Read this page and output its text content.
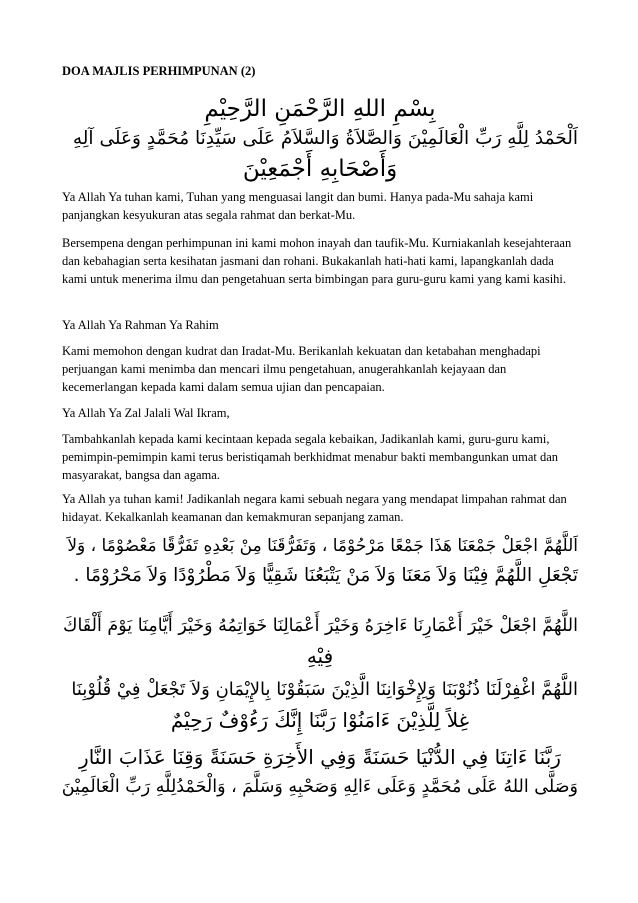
DOA MAJLIS PERHIMPUNAN (2)

بِسْمِ اللهِ الرَّحْمَنِ الرَّحِيْمِ

اَلْحَمْدُ لِلَّهِ رَبِّ الْعَالَمِيْنَ وَالصَّلاَةُ وَالسَّلاَمُ عَلَى سَيِّدِنَا مُحَمَّدٍ وَعَلَى آلِهِ

وَأَصْحَابِهِ أَجْمَعِيْنَ

Ya Allah Ya tuhan kami, Tuhan yang menguasai langit dan bumi. Hanya pada-Mu sahaja kami panjangkan kesyukuran atas segala rahmat dan berkat-Mu.

Bersempena dengan perhimpunan ini kami mohon inayah dan taufik-Mu. Kurniakanlah kesejahteraan dan kebahagian serta kesihatan jasmani dan rohani. Bukakanlah hati-hati kami, lapangkanlah dada kami untuk menerima ilmu dan pengetahuan serta bimbingan para guru-guru kami yang kami kasihi.

Ya Allah Ya Rahman Ya Rahim

Kami memohon dengan kudrat dan Iradat-Mu. Berikanlah kekuatan dan ketabahan menghadapi perjuangan kami menimba dan mencari ilmu pengetahuan, anugerahkanlah kejayaan dan kecemerlangan kepada kami dalam semua ujian dan pencapaian.

Ya Allah Ya Zal Jalali Wal Ikram,

Tambahkanlah kepada kami kecintaan kepada segala kebaikan, Jadikanlah kami, guru-guru kami, pemimpin-pemimpin kami terus beristiqamah berkhidmat menabur bakti membangunkan umat dan masyarakat, bangsa dan agama.

Ya Allah ya tuhan kami! Jadikanlah negara kami sebuah negara yang mendapat limpahan rahmat dan hidayat. Kekalkanlah keamanan dan kemakmuran sepanjang zaman.

اَللَّهُمَّ اجْعَلْ جَمْعَنَا هَذَا جَمْعًا مَرْحُوْمًا ، وَتَفَرُّقَنَا مِنْ بَعْدِهِ تَفَرُّقًا مَعْصُوْمًا ، وَلاَ

تَجْعَلِ اللَّهُمَّ فِيْنَا وَلاَ مَعَنَا وَلاَ مَنْ يَتْبَعُنَا شَقِيًّا وَلاَ مَطْرُوْدًا وَلاَ مَحْرُوْمًا .

اللَّهُمَّ اجْعَلْ خَيْرَ أَعْمَارِنَا ءَاخِرَهُ وَخَيْرَ أَعْمَالِنَا خَوَاتِمُهُ وَخَيْرَ أَيَّامِنَا يَوْمَ أَلْقَاكَ

فِيْهِ

اللَّهُمَّ اغْفِرْلَنَا ذُنُوْبَنَا وَلِإِخْوَانِنَا الَّذِيْنَ سَبَقُوْنَا بِالإِيْمَانِ وَلاَ تَجْعَلْ فِيْ قُلُوْبِنَا

غِلاً لِلَّذِيْنَ ءَامَنُوْا رَبَّنَا إِنَّكَ رَءُوْفٌ رَحِيْمٌ

رَبَّنَا ءَاتِنَا فِي الدُّنْيَا حَسَنَةً وَفِي الأَخِرَةِ حَسَنَةً وَقِنَا عَذَابَ النَّارِ

وَصَلَّى اللهُ عَلَى مُحَمَّدٍ وَعَلَى ءَالِهِ وَصَحْبِهِ وَسَلَّمَ ، وَالْحَمْدُلِلَّهِ رَبِّ الْعَالَمِيْنَ
